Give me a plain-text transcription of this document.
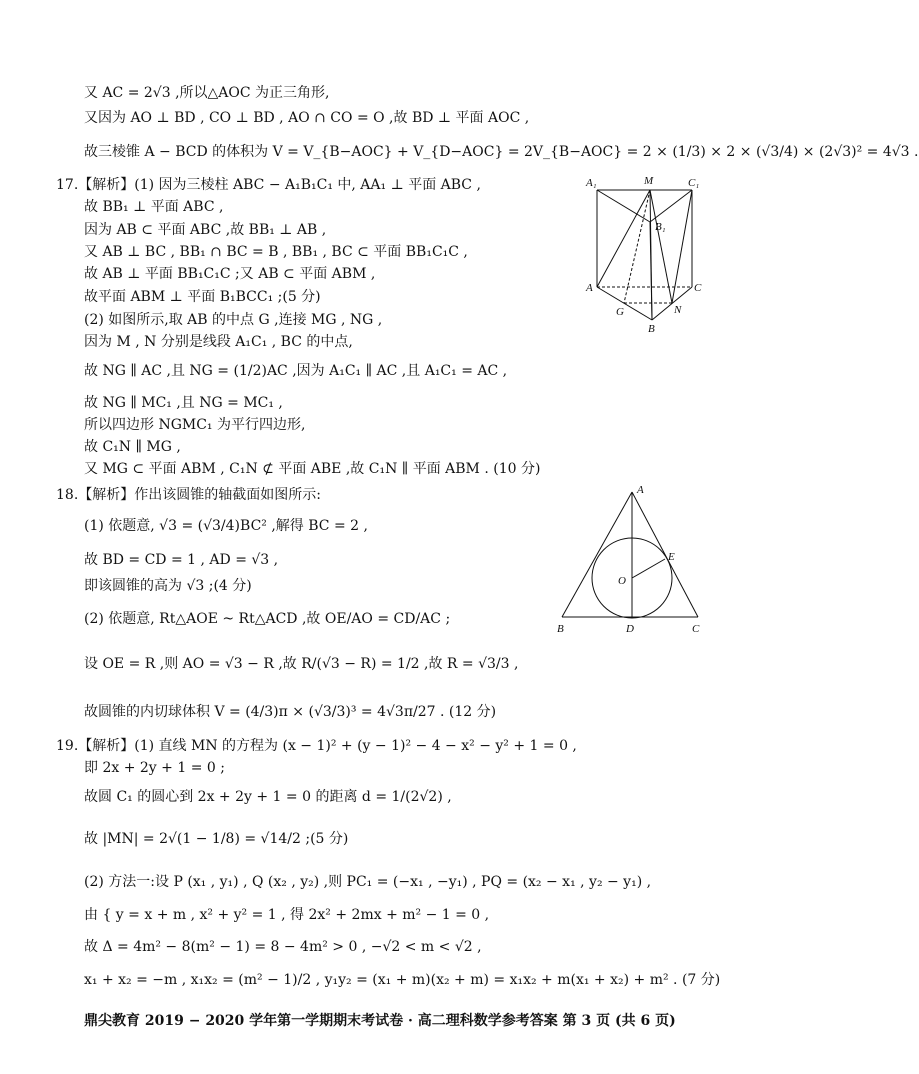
又 AC = 2√3 ,所以△AOC 为正三角形,
又因为 AO ⊥ BD , CO ⊥ BD , AO ∩ CO = O ,故 BD ⊥ 平面 AOC ,
故三棱锥 A − BCD 的体积为 V = V_{B−AOC} + V_{D−AOC} = 2V_{B−AOC} = 2 × (1/3) × 2 × (√3/4) × (2√3)² = 4√3 .
17.【解析】(1) 因为三棱柱 ABC − A₁B₁C₁ 中, AA₁ ⊥ 平面 ABC ,
故 BB₁ ⊥ 平面 ABC ,
因为 AB ⊂ 平面 ABC ,故 BB₁ ⊥ AB ,
又 AB ⊥ BC , BB₁ ∩ BC = B , BB₁ , BC ⊂ 平面 BB₁C₁C ,
故 AB ⊥ 平面 BB₁C₁C ;又 AB ⊂ 平面 ABM ,
故平面 ABM ⊥ 平面 B₁BCC₁ ;(5 分)
(2) 如图所示,取 AB 的中点 G ,连接 MG , NG ,
因为 M , N 分别是线段 A₁C₁ , BC 的中点,
故 NG ∥ AC ,且 NG = (1/2)AC ,因为 A₁C₁ ∥ AC ,且 A₁C₁ = AC ,
故 NG ∥ MC₁ ,且 NG = MC₁ ,
所以四边形 NGMC₁ 为平行四边形,
故 C₁N ∥ MG ,
又 MG ⊂ 平面 ABM , C₁N ⊄ 平面 ABE ,故 C₁N ∥ 平面 ABM . (10 分)
18.【解析】作出该圆锥的轴截面如图所示:
(1) 依题意, √3 = (√3/4)BC² ,解得 BC = 2 ,
故 BD = CD = 1 , AD = √3 ,
即该圆锥的高为 √3 ;(4 分)
(2) 依题意, Rt△AOE ~ Rt△ACD ,故 OE/AO = CD/AC ;
设 OE = R ,则 AO = √3 − R ,故 R/(√3 − R) = 1/2 ,故 R = √3/3 ,
故圆锥的内切球体积 V = (4/3)π × (√3/3)³ = 4√3π/27 . (12 分)
19.【解析】(1) 直线 MN 的方程为 (x − 1)² + (y − 1)² − 4 − x² − y² + 1 = 0 ,
即 2x + 2y + 1 = 0 ;
故圆 C₁ 的圆心到 2x + 2y + 1 = 0 的距离 d = 1/(2√2) ,
故 |MN| = 2√(1 − 1/8) = √14/2 ;(5 分)
(2) 方法一:设 P (x₁ , y₁) , Q (x₂ , y₂) ,则 PC₁ = (−x₁ , −y₁) , PQ = (x₂ − x₁ , y₂ − y₁) ,
由 { y = x + m , x² + y² = 1 , 得 2x² + 2mx + m² − 1 = 0 ,
故 Δ = 4m² − 8(m² − 1) = 8 − 4m² > 0 , −√2 < m < √2 ,
x₁ + x₂ = −m , x₁x₂ = (m² − 1)/2 , y₁y₂ = (x₁ + m)(x₂ + m) = x₁x₂ + m(x₁ + x₂) + m² . (7 分)
A₁	M	C₁
B₁
A	C
G	N
B
A
E
O
B	D	C
鼎尖教育 2019 − 2020 学年第一学期期末考试卷 · 高二理科数学参考答案 第 3 页 (共 6 页)
